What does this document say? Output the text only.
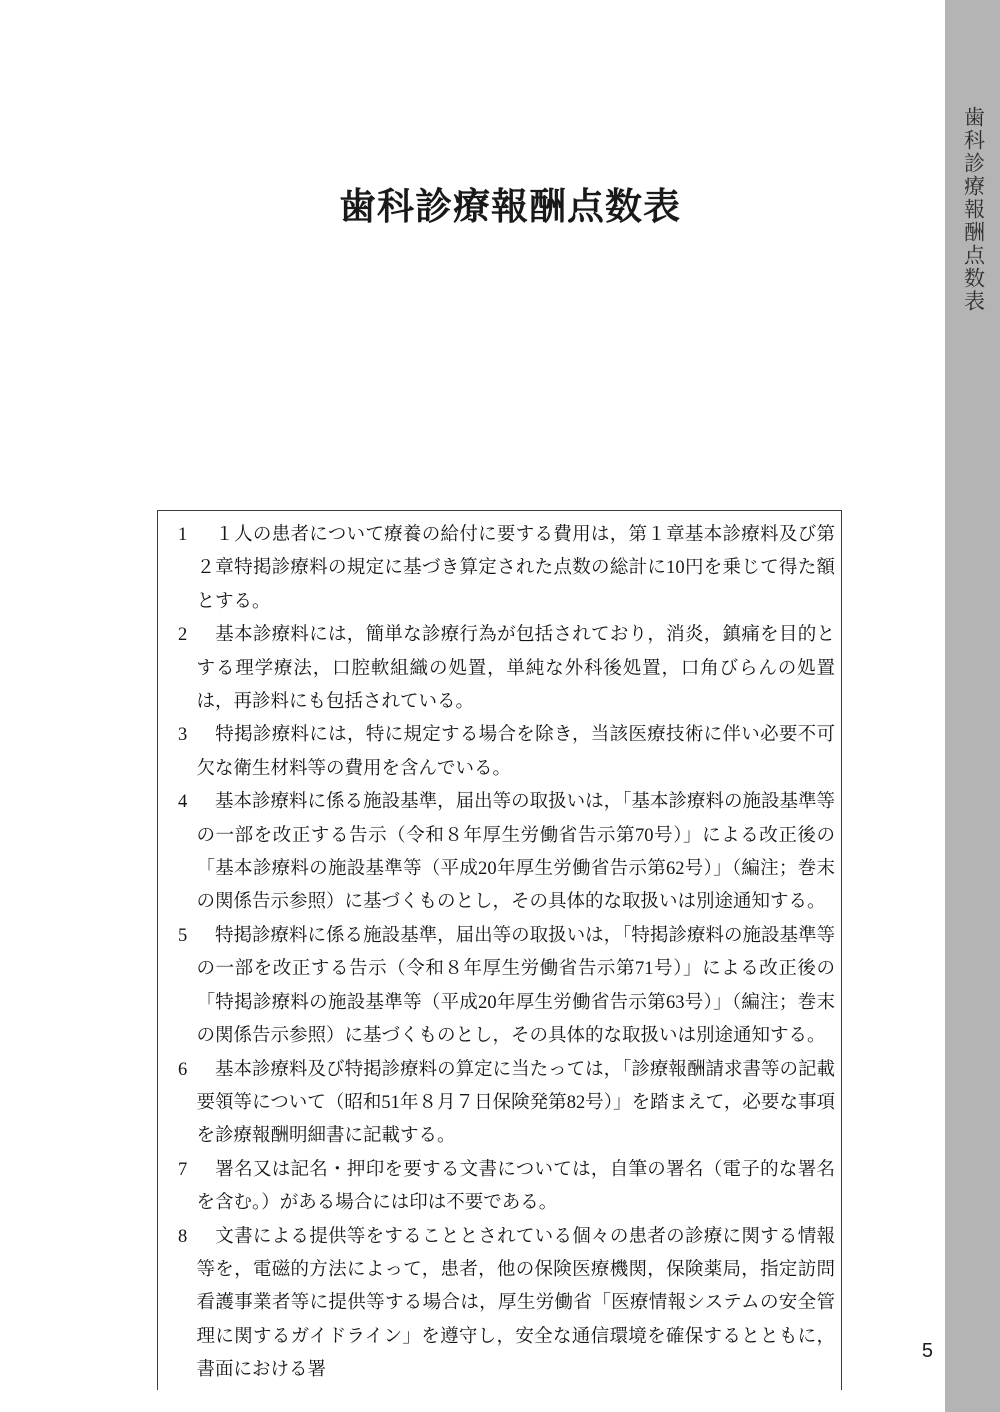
歯科診療報酬点数表
歯科診療報酬点数表
1 １人の患者について療養の給付に要する費用は，第１章基本診療料及び第２章特掲診療料の規定に基づき算定された点数の総計に10円を乗じて得た額とする。
2 基本診療料には，簡単な診療行為が包括されており，消炎，鎮痛を目的とする理学療法，口腔軟組織の処置，単純な外科後処置，口角びらんの処置は，再診料にも包括されている。
3 特掲診療料には，特に規定する場合を除き，当該医療技術に伴い必要不可欠な衛生材料等の費用を含んでいる。
4 基本診療料に係る施設基準，届出等の取扱いは，「基本診療料の施設基準等の一部を改正する告示（令和８年厚生労働省告示第70号）」による改正後の「基本診療料の施設基準等（平成20年厚生労働省告示第62号）」（編注；巻末の関係告示参照）に基づくものとし，その具体的な取扱いは別途通知する。
5 特掲診療料に係る施設基準，届出等の取扱いは，「特掲診療料の施設基準等の一部を改正する告示（令和８年厚生労働省告示第71号）」による改正後の「特掲診療料の施設基準等（平成20年厚生労働省告示第63号）」（編注；巻末の関係告示参照）に基づくものとし，その具体的な取扱いは別途通知する。
6 基本診療料及び特掲診療料の算定に当たっては，「診療報酬請求書等の記載要領等について（昭和51年８月７日保険発第82号）」を踏まえて，必要な事項を診療報酬明細書に記載する。
7 署名又は記名・押印を要する文書については，自筆の署名（電子的な署名を含む。）がある場合には印は不要である。
8 文書による提供等をすることとされている個々の患者の診療に関する情報等を，電磁的方法によって，患者，他の保険医療機関，保険薬局，指定訪問看護事業者等に提供等する場合は，厚生労働省「医療情報システムの安全管理に関するガイドライン」を遵守し，安全な通信環境を確保するとともに，書面における署
5
